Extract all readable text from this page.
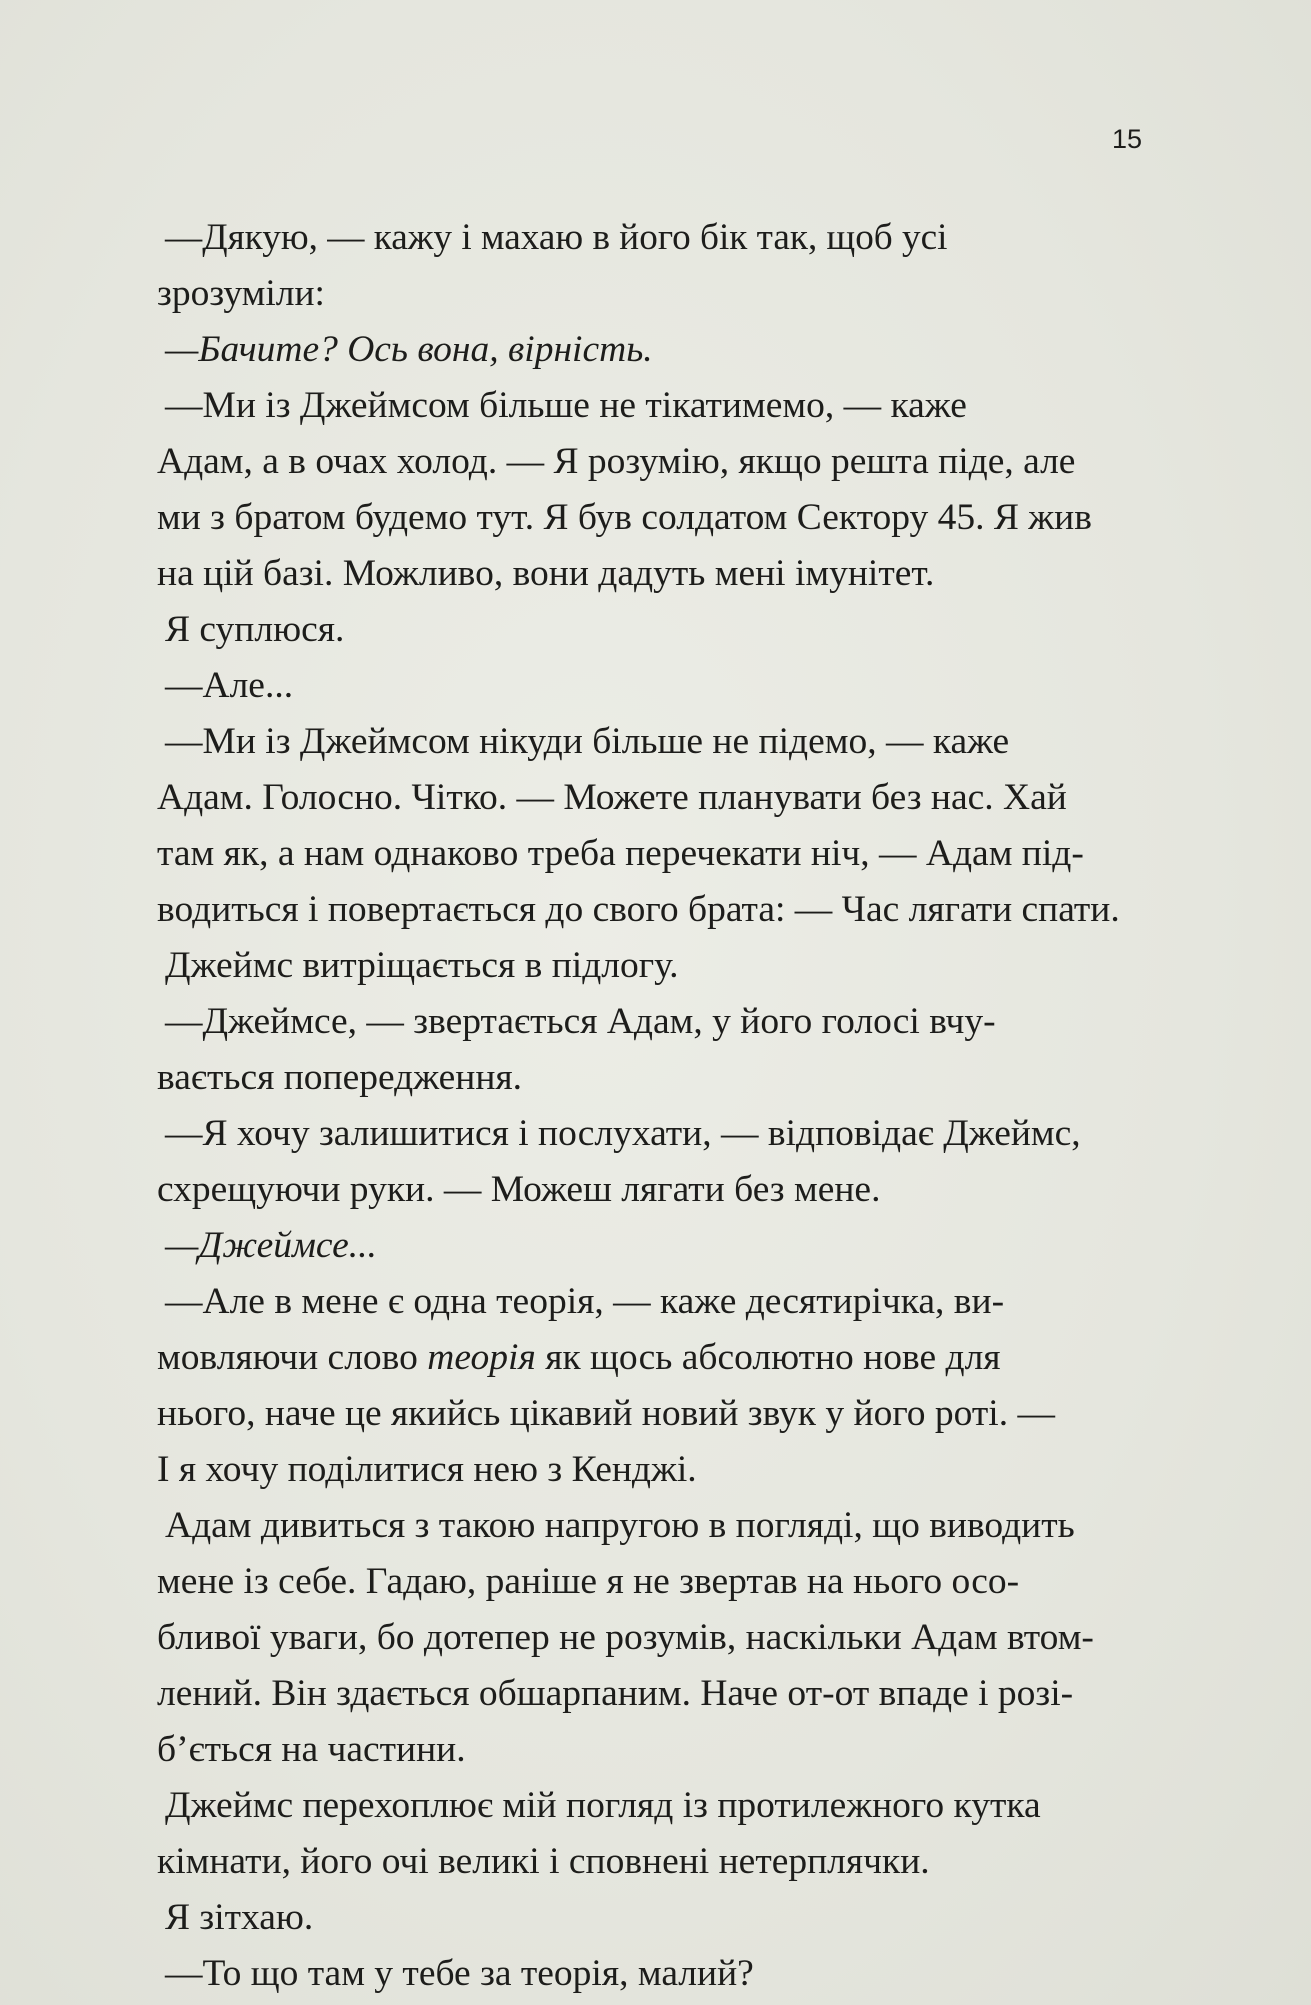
15
—Дякую, — кажу і махаю в його бік так, щоб усі
зрозуміли:
—Бачите? Ось вона, вірність.
—Ми із Джеймсом більше не тікатимемо, — каже
Адам, а в очах холод. — Я розумію, якщо решта піде, але
ми з братом будемо тут. Я був солдатом Сектору 45. Я жив
на цій базі. Можливо, вони дадуть мені імунітет.
Я суплюся.
—Але...
—Ми із Джеймсом нікуди більше не підемо, — каже
Адам. Голосно. Чітко. — Можете планувати без нас. Хай
там як, а нам однаково треба перечекати ніч, — Адам під-
водиться і повертається до свого брата: — Час лягати спати.
Джеймс витріщається в підлогу.
—Джеймсе, — звертається Адам, у його голосі вчу-
вається попередження.
—Я хочу залишитися і послухати, — відповідає Джеймс,
схрещуючи руки. — Можеш лягати без мене.
—Джеймсе...
—Але в мене є одна теорія, — каже десятирічка, ви-
мовляючи слово теорія як щось абсолютно нове для
нього, наче це якийсь цікавий новий звук у його роті. —
І я хочу поділитися нею з Кенджі.
Адам дивиться з такою напругою в погляді, що виводить
мене із себе. Гадаю, раніше я не звертав на нього осо-
бливої уваги, бо дотепер не розумів, наскільки Адам втом-
лений. Він здається обшарпаним. Наче от-от впаде і розі-
б’ється на частини.
Джеймс перехоплює мій погляд із протилежного кутка
кімнати, його очі великі і сповнені нетерплячки.
Я зітхаю.
—То що там у тебе за теорія, малий?
